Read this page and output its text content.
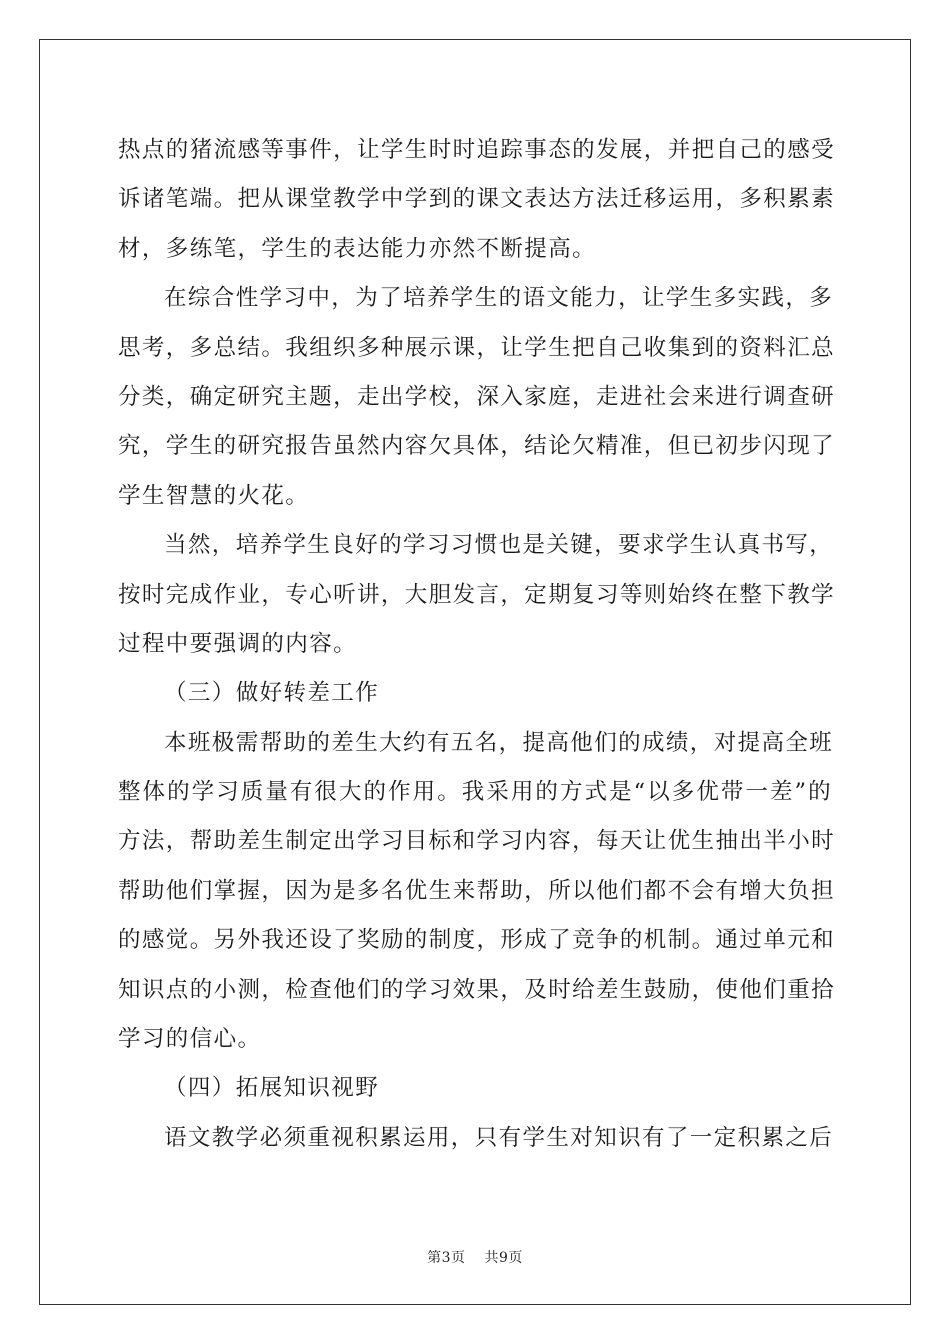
热点的猪流感等事件，让学生时时追踪事态的发展，并把自己的感受
诉诸笔端。把从课堂教学中学到的课文表达方法迁移运用，多积累素
材，多练笔，学生的表达能力亦然不断提高。
在综合性学习中，为了培养学生的语文能力，让学生多实践，多
思考，多总结。我组织多种展示课，让学生把自己收集到的资料汇总
分类，确定研究主题，走出学校，深入家庭，走进社会来进行调查研
究，学生的研究报告虽然内容欠具体，结论欠精准，但已初步闪现了
学生智慧的火花。
当然，培养学生良好的学习习惯也是关键，要求学生认真书写，
按时完成作业，专心听讲，大胆发言，定期复习等则始终在整下教学
过程中要强调的内容。
（三）做好转差工作
本班极需帮助的差生大约有五名，提高他们的成绩，对提高全班
整体的学习质量有很大的作用。我采用的方式是“以多优带一差”的
方法，帮助差生制定出学习目标和学习内容，每天让优生抽出半小时
帮助他们掌握，因为是多名优生来帮助，所以他们都不会有增大负担
的感觉。另外我还设了奖励的制度，形成了竞争的机制。通过单元和
知识点的小测，检查他们的学习效果，及时给差生鼓励，使他们重拾
学习的信心。
（四）拓展知识视野
语文教学必须重视积累运用，只有学生对知识有了一定积累之后
第3页 共9页
